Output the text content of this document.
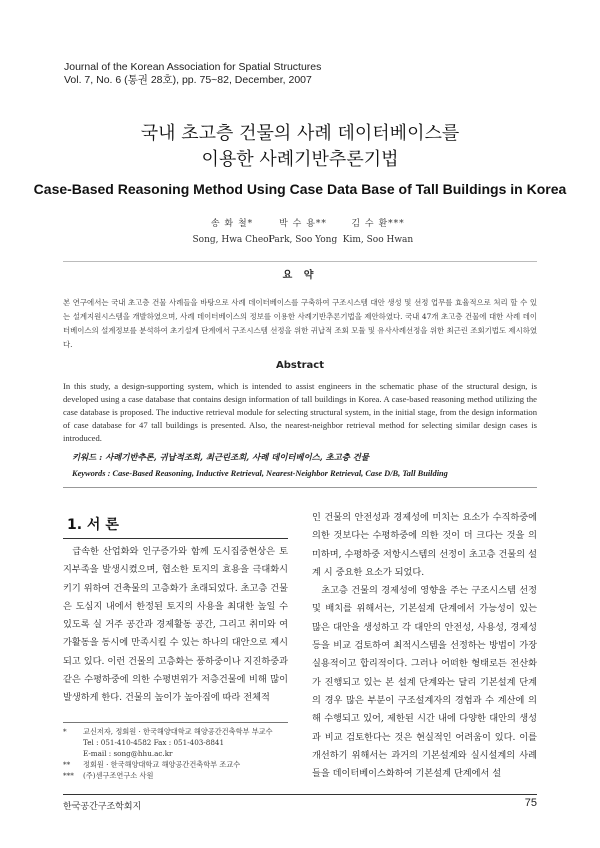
Journal of the Korean Association for Spatial Structures
Vol. 7, No. 6 (통권 28호), pp. 75~82, December, 2007
국내 초고층 건물의 사례 데이터베이스를
이용한 사례기반추론기법
Case-Based Reasoning Method Using Case Data Base of Tall Buildings in Korea
송 화 철*
Song, Hwa Cheol
박 수 용**
Park, Soo Yong
김 수 환***
Kim, Soo Hwan
요 약
본 연구에서는 국내 초고층 건물 사례들을 바탕으로 사례 데이터베이스를 구축하여 구조시스템 대안 생성 및 선정 업무를 효율적으로 처리 할 수 있는 설계지원시스템을 개발하였으며, 사례 데이터베이스의 정보를 이용한 사례기반추론기법을 제안하였다. 국내 47개 초고층 건물에 대한 사례 데이터베이스의 설계정보를 분석하여 초기설계 단계에서 구조시스템 선정을 위한 귀납적 조회 모듈 및 유사사례선정을 위한 최근린 조회기법도 제시하였다.
Abstract
In this study, a design-supporting system, which is intended to assist engineers in the schematic phase of the structural design, is developed using a case database that contains design information of tall buildings in Korea. A case-based reasoning method utilizing the case database is proposed. The inductive retrieval module for selecting structural system, in the initial stage, from the design information of case database for 47 tall buildings is presented. Also, the nearest-neighbor retrieval method for selecting similar design cases is introduced.
키워드 : 사례기반추론, 귀납적조회, 최근린조회, 사례 데이터베이스, 초고층 건물
Keywords : Case-Based Reasoning, Inductive Retrieval, Nearest-Neighbor Retrieval, Case D/B, Tall Building
1. 서 론

급속한 산업화와 인구증가와 함께 도시집중현상은 토지부족을 발생시켰으며, 협소한 토지의 효용을 극대화시키기 위하여 건축물의 고층화가 초래되었다. 초고층 건물은 도심지 내에서 한정된 토지의 사용을 최대한 높일 수 있도록 실 거주 공간과 경제활동 공간, 그리고 취미와 여가활동을 동시에 만족시킬 수 있는 하나의 대안으로 제시되고 있다. 이런 건물의 고층화는 풍하중이나 지진하중과 같은 수평하중에 의한 수평변위가 저층건물에 비해 많이 발생하게 한다. 건물의 높이가 높아짐에 따라 전체적

*	교신저자, 정회원 · 한국해양대학교 해양공간건축학부 부교수
Tel : 051-410-4582 Fax : 051-403-8841
E-mail : song@hhu.ac.kr
**	정회원 · 한국해양대학교 해양공간건축학부 조교수
***	(주)센구조연구소 사원

인 건물의 안전성과 경제성에 미치는 요소가 수직하중에 의한 것보다는 수평하중에 의한 것이 더 크다는 것을 의미하며, 수평하중 저항시스템의 선정이 초고층 건물의 설계 시 중요한 요소가 되었다.

초고층 건물의 경제성에 영향을 주는 구조시스템 선정 및 배치를 위해서는, 기본설계 단계에서 가능성이 있는 많은 대안을 생성하고 각 대안의 안전성, 사용성, 경제성 등을 비교 검토하여 최적시스템을 선정하는 방법이 가장 실용적이고 합리적이다. 그러나 어떠한 형태로든 전산화가 진행되고 있는 본 설계 단계와는 달리 기본설계 단계의 경우 많은 부분이 구조설계자의 경험과 수 계산에 의해 수행되고 있어, 제한된 시간 내에 다양한 대안의 생성과 비교 검토한다는 것은 현실적인 어려움이 있다. 이를 개선하기 위해서는 과거의 기본설계와 실시설계의 사례들을 데이터베이스화하여 기본설계 단계에서 설

한국공간구조학회지	75
